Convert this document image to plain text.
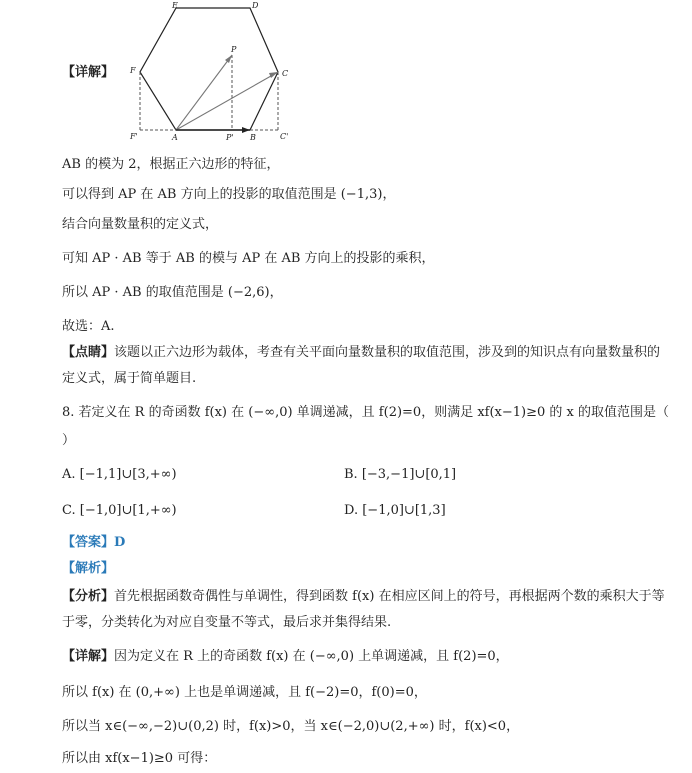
E	D
F	C
P
A	B
F'	P'	C'
【详解】
AB 的模为 2，根据正六边形的特征，
可以得到 AP 在 AB 方向上的投影的取值范围是 (−1,3)，
结合向量数量积的定义式，
可知 AP · AB 等于 AB 的模与 AP 在 AB 方向上的投影的乘积，
所以 AP · AB 的取值范围是 (−2,6)，
故选：A.
【点睛】该题以正六边形为载体，考查有关平面向量数量积的取值范围，涉及到的知识点有向量数量积的
定义式，属于简单题目.
8. 若定义在 R 的奇函数 f(x) 在 (−∞,0) 单调递减，且 f(2)=0，则满足 xf(x−1)≥0 的 x 的取值范围是（
）
A. [−1,1]∪[3,+∞)	B. [−3,−1]∪[0,1]
C. [−1,0]∪[1,+∞)	D. [−1,0]∪[1,3]
【答案】D
【解析】
【分析】首先根据函数奇偶性与单调性，得到函数 f(x) 在相应区间上的符号，再根据两个数的乘积大于等
于零，分类转化为对应自变量不等式，最后求并集得结果.
【详解】因为定义在 R 上的奇函数 f(x) 在 (−∞,0) 上单调递减，且 f(2)=0，
所以 f(x) 在 (0,+∞) 上也是单调递减，且 f(−2)=0，f(0)=0，
所以当 x∈(−∞,−2)∪(0,2) 时，f(x)>0，当 x∈(−2,0)∪(2,+∞) 时，f(x)<0，
所以由 xf(x−1)≥0 可得：
